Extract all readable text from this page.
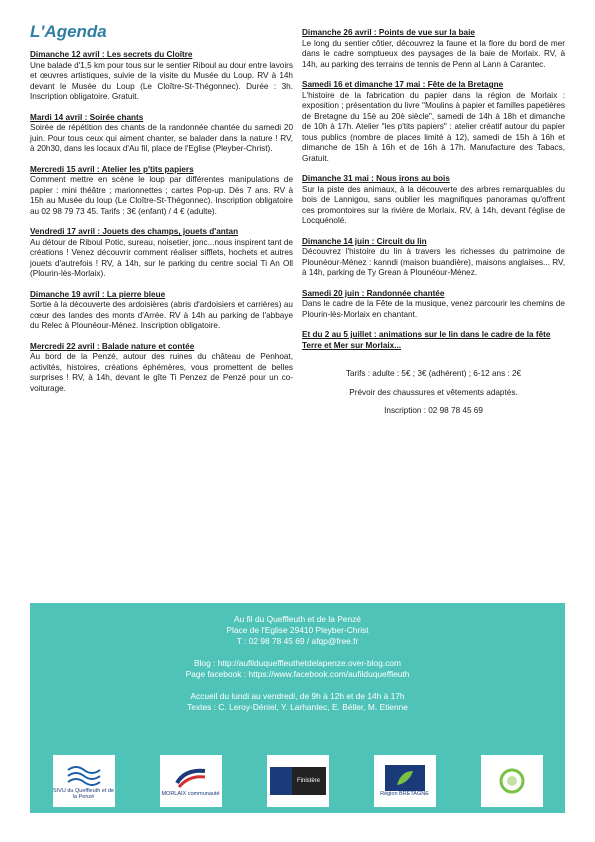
L'Agenda
Dimanche 12 avril : Les secrets du Cloître

Une balade d'1,5 km pour tous sur le sentier Riboul au dour entre lavoirs et œuvres artistiques, suivie de la visite du Musée du Loup. RV à 14h devant le Musée du Loup (Le Cloître-St-Thégonnec). Durée : 3h. Inscription obligatoire. Gratuit.

Mardi 14 avril : Soirée chants

Soirée de répétition des chants de la randonnée chantée du samedi 20 juin. Pour tous ceux qui aiment chanter, se balader dans la nature ! RV, à 20h30, dans les locaux d'Au fil, place de l'Eglise (Pleyber-Christ).

Mercredi 15 avril : Atelier les p'tits papiers

Comment mettre en scène le loup par différentes manipulations de papier : mini théâtre ; marionnettes ; cartes Pop-up. Dès 7 ans. RV à 15h au Musée du loup (Le Cloître-St-Thégonnec). Inscription obligatoire au 02 98 79 73 45. Tarifs : 3€ (enfant) / 4 € (adulte).

Vendredi 17 avril : Jouets des champs, jouets d'antan

Au détour de Riboul Potic, sureau, noisetier, jonc...nous inspirent tant de créations ! Venez découvrir comment réaliser sifflets, hochets et autres jouets d'autrefois ! RV, à 14h, sur le parking du centre social Ti An Oll (Plourin-lès-Morlaix).

Dimanche 19 avril : La pierre bleue

Sortie à la découverte des ardoisières (abris d'ardoisiers et carrières) au cœur des landes des monts d'Arrée. RV à 14h au parking de l'abbaye du Relec à Plounéour-Ménez. Inscription obligatoire.

Mercredi 22 avril : Balade nature et contée

Au bord de la Penzé, autour des ruines du château de Penhoat, activités, histoires, créations éphémères, vous promettent de belles surprises ! RV, à 14h, devant le gîte Ti Penzez de Penzé pour un co-voiturage.

Dimanche 26 avril : Points de vue sur la baie

Le long du sentier côtier, découvrez la faune et la flore du bord de mer dans le cadre somptueux des paysages de la baie de Morlaix. RV, à 14h, au parking des terrains de tennis de Penn al Lann à Carantec.

Samedi 16 et dimanche 17 mai : Fête de la Bretagne

L'histoire de la fabrication du papier dans la région de Morlaix : exposition ; présentation du livre "Moulins à papier et familles papetières de Bretagne du 15è au 20è siècle", samedi de 14h à 18h et dimanche de 10h à 17h. Atelier "les p'tits papiers" : atelier créatif autour du papier tous publics (nombre de places limité à 12), samedi de 15h à 16h et dimanche de 15h à 16h et de 16h à 17h. Manufacture des Tabacs, Gratuit.

Dimanche 31 mai : Nous irons au bois

Sur la piste des animaux, à la découverte des arbres remarquables du bois de Lannigou, sans oublier les magnifiques panoramas qu'offrent ces promontoires sur la rivière de Morlaix. RV, à 14h, devant l'église de Locquénolé.

Dimanche 14 juin : Circuit du lin

Découvrez l'histoire du lin à travers les richesses du patrimoine de Plounéour-Ménez : kanndi (maison buandière), maisons anglaises... RV, à 14h, parking de Ty Grean à Plounéour-Ménez.

Samedi 20 juin : Randonnée chantée

Dans le cadre de la Fête de la musique, venez parcourir les chemins de Plourin-lès-Morlaix en chantant.

Et du 2 au 5 juillet : animations sur le lin dans le cadre de la fête Terre et Mer sur Morlaix...
Tarifs : adulte : 5€ ; 3€ (adhérent) ; 6-12 ans : 2€
Prévoir des chaussures et vêtements adaptés.
Inscription : 02 98 78 45 69
Au fil du Queffleuth et de la Penzé
Place de l'Eglise 29410 Pleyber-Christ
T : 02 98 78 45 69 / afqp@free.fr
Blog : http://aufilduqueffleuthetdelapenze.over-blog.com
Page facebook : https://www.facebook.com/aufilduqueffleuth
Accueil du lundi au vendredi, de 9h à 12h et de 14h à 17h
Textes : C. Leroy-Déniel, Y. Larhantec, E. Béller, M. Etienne
SIVU du Queffleuth et de la Penzé	MORLAIX communauté
Finistère
Région BRETAGNE
